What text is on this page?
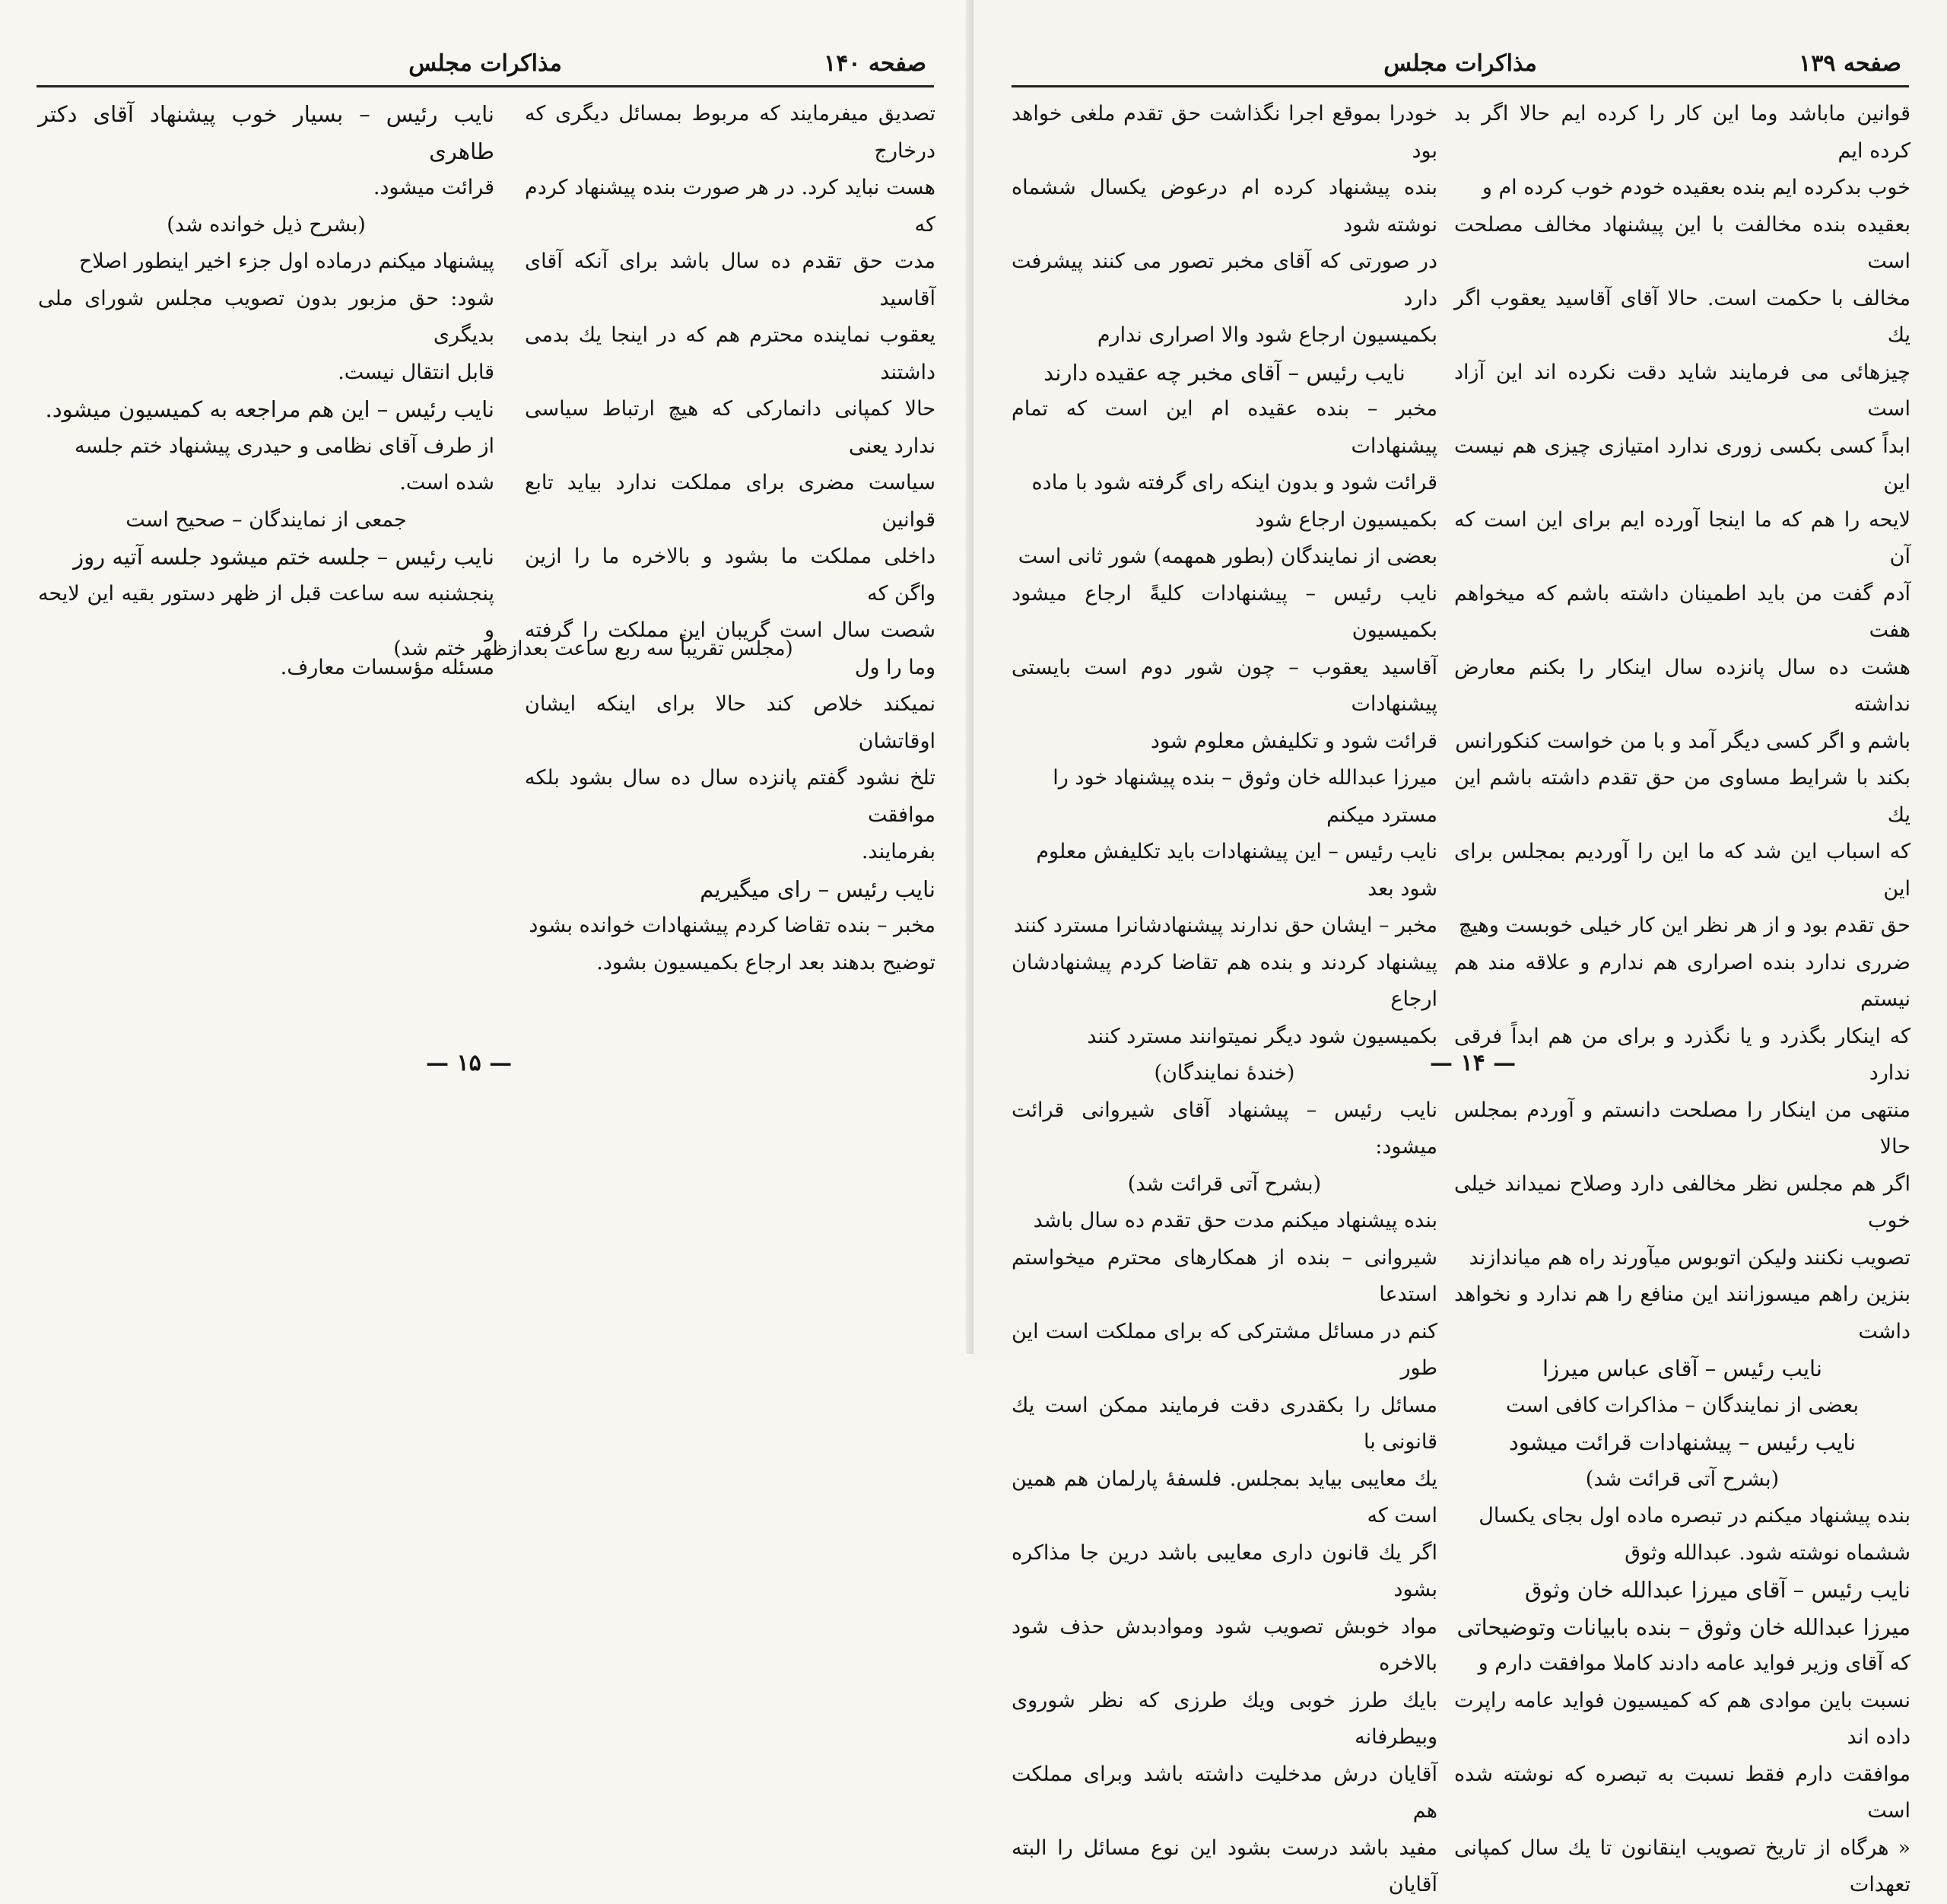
صفحه ۱۴۰
مذاکرات مجلس

تصدیق میفرمایند که مربوط بمسائل دیگری که درخارج

هست نباید کرد. در هر صورت بنده پیشنهاد کردم که

مدت حق تقدم ده سال باشد برای آنکه آقای آقاسید

یعقوب نماینده محترم هم که در اینجا یك بدمی داشتند

حالا کمپانی دانمارکی که هیچ ارتباط سیاسی ندارد یعنی

سیاست مضری برای مملکت ندارد بیاید تابع قوانین

داخلی مملکت ما بشود و بالاخره ما را ازین واگن که

شصت سال است گریبان این مملکت را گرفته وما را ول

نمیکند خلاص کند حالا برای اینکه ایشان اوقاتشان

تلخ نشود گفتم پانزده سال ده سال بشود بلکه موافقت

بفرمایند.

نایب رئیس – رای میگیریم

مخبر – بنده تقاضا کردم پیشنهادات خوانده بشود

توضیح بدهند بعد ارجاع بکمیسیون بشود.

نایب رئیس – بسیار خوب پیشنهاد آقای دکتر طاهری

قرائت میشود.

(بشرح ذیل خوانده شد)

پیشنهاد میکنم درماده اول جزء اخیر اینطور اصلاح

شود: حق مزبور بدون تصویب مجلس شورای ملی بدیگری

قابل انتقال نیست.

نایب رئیس – این هم مراجعه به کمیسیون میشود.

از طرف آقای نظامی و حیدری پیشنهاد ختم جلسه

شده است.

جمعی از نمایندگان – صحیح است

نایب رئیس – جلسه ختم میشود جلسه آتیه روز

پنجشنبه سه ساعت قبل از ظهر دستور بقیه این لایحه و

مسئله مؤسسات معارف.

(مجلس تقریباً سه ربع ساعت بعدازظهر ختم شد)
— ۱۵ —
صفحه ۱۳۹
مذاکرات مجلس

قوانین ماباشد وما این کار را کرده ایم حالا اگر بد کرده ایم

خوب بدکرده ایم بنده بعقیده خودم خوب کرده ام و

بعقیده بنده مخالفت با این پیشنهاد مخالف مصلحت است

مخالف با حکمت است. حالا آقای آقاسید یعقوب اگر یك

چیزهائی می فرمایند شاید دقت نکرده اند این آزاد است

ابداً کسی بکسی زوری ندارد امتیازی چیزی هم نیست این

لایحه را هم که ما اینجا آورده ایم برای این است که آن

آدم گفت من باید اطمینان داشته باشم که میخواهم هفت

هشت ده سال پانزده سال اینکار را بکنم معارض نداشته

باشم و اگر کسی دیگر آمد و با من خواست کنکورانس

بکند با شرایط مساوی من حق تقدم داشته باشم این یك

که اسباب این شد که ما این را آوردیم بمجلس برای این

حق تقدم بود و از هر نظر این کار خیلی خوبست وهیچ

ضرری ندارد بنده اصراری هم ندارم و علاقه مند هم نیستم

که اینکار بگذرد و یا نگذرد و برای من هم ابداً فرقی ندارد

منتهی من اینکار را مصلحت دانستم و آوردم بمجلس حالا

اگر هم مجلس نظر مخالفی دارد وصلاح نمیداند خیلی خوب

تصویب نکنند ولیکن اتوبوس میآورند راه هم میاندازند

بنزین راهم میسوزانند این منافع را هم ندارد و نخواهد داشت

نایب رئیس – آقای عباس میرزا

بعضی از نمایندگان – مذاکرات کافی است

نایب رئیس – پیشنهادات قرائت میشود

(بشرح آتی قرائت شد)

بنده پیشنهاد میکنم در تبصره ماده اول بجای یکسال

ششماه نوشته شود. عبدالله وثوق

نایب رئیس – آقای میرزا عبدالله خان وثوق

میرزا عبدالله خان وثوق – بنده بابیانات وتوضیحاتی

که آقای وزیر فواید عامه دادند کاملا موافقت دارم و

نسبت باین موادی هم که کمیسیون فواید عامه راپرت داده اند

موافقت دارم فقط نسبت به تبصره که نوشته شده است

« هرگاه از تاریخ تصویب اینقانون تا یك سال کمپانی تعهدات

خودرا بموقع اجرا نگذاشت حق تقدم ملغی خواهد بود

بنده پیشنهاد کرده ام درعوض یکسال ششماه نوشته شود

در صورتی که آقای مخبر تصور می کنند پیشرفت دارد

بکمیسیون ارجاع شود والا اصراری ندارم

نایب رئیس – آقای مخبر چه عقیده دارند

مخبر – بنده عقیده ام این است که تمام پیشنهادات

قرائت شود و بدون اینکه رای گرفته شود با ماده

بکمیسیون ارجاع شود

بعضی از نمایندگان (بطور همهمه) شور ثانی است

نایب رئیس – پیشنهادات کلیةً ارجاع میشود بکمیسیون

آقاسید یعقوب – چون شور دوم است بایستی پیشنهادات

قرائت شود و تکلیفش معلوم شود

میرزا عبدالله خان وثوق – بنده پیشنهاد خود را

مسترد میکنم

نایب رئیس – این پیشنهادات باید تکلیفش معلوم

شود بعد

مخبر – ایشان حق ندارند پیشنهادشانرا مسترد کنند

پیشنهاد کردند و بنده هم تقاضا کردم پیشنهادشان ارجاع

بکمیسیون شود دیگر نمیتوانند مسترد کنند

(خندهٔ نمایندگان)

نایب رئیس – پیشنهاد آقای شیروانی قرائت میشود:

(بشرح آتی قرائت شد)

بنده پیشنهاد میکنم مدت حق تقدم ده سال باشد

شیروانی – بنده از همکارهای محترم میخواستم استدعا

کنم در مسائل مشترکی که برای مملکت است این طور

مسائل را بکقدری دقت فرمایند ممکن است یك قانونی با

یك معایبی بیاید بمجلس. فلسفهٔ پارلمان هم همین است که

اگر یك قانون داری معایبی باشد درین جا مذاکره بشود

مواد خوبش تصویب شود وموادبدش حذف شود بالاخره

بایك طرز خوبی ویك طرزی که نظر شوروی وبیطرفانه

آقایان درش مدخلیت داشته باشد وبرای مملکت هم

مفید باشد درست بشود این نوع مسائل را البته آقایان

— ۱۴ —
